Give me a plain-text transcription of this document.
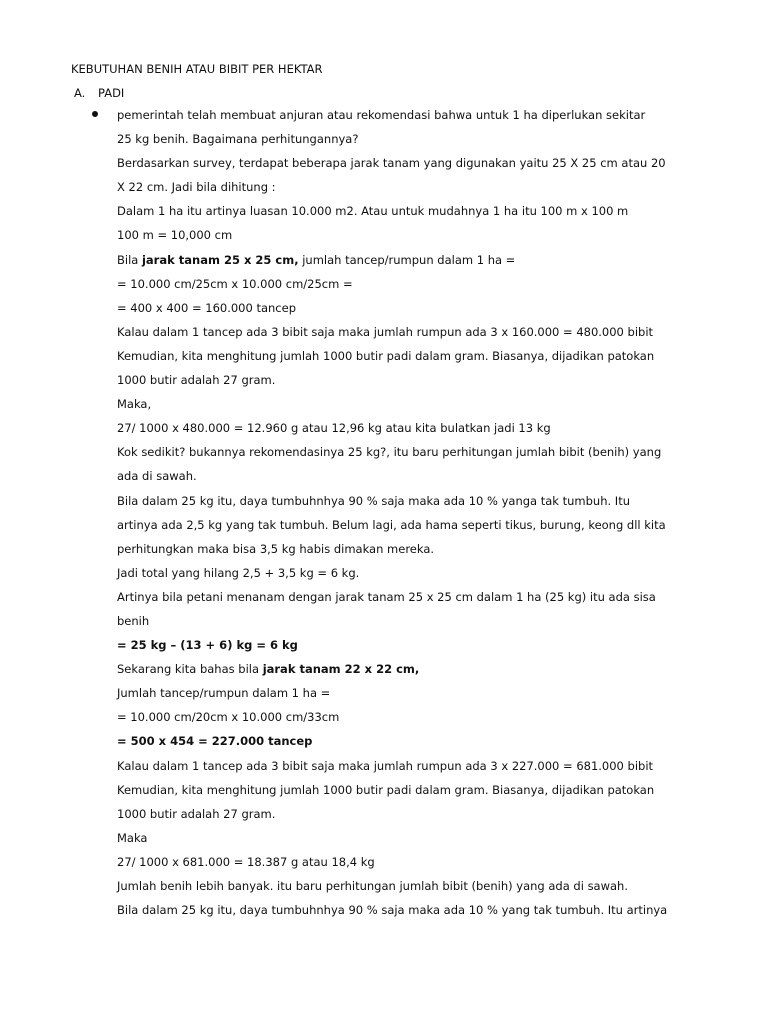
KEBUTUHAN BENIH ATAU BIBIT PER HEKTAR
A. PADI
pemerintah telah membuat anjuran atau rekomendasi bahwa untuk 1 ha diperlukan sekitar
25 kg benih. Bagaimana perhitungannya?
Berdasarkan survey, terdapat beberapa jarak tanam yang digunakan yaitu 25 X 25 cm atau 20
X 22 cm. Jadi bila dihitung :
Dalam 1 ha itu artinya luasan 10.000 m2. Atau untuk mudahnya 1 ha itu 100 m x 100 m
100 m = 10,000 cm
Bila jarak tanam 25 x 25 cm, jumlah tancep/rumpun dalam 1 ha =
= 10.000 cm/25cm x 10.000 cm/25cm =
= 400 x 400 = 160.000 tancep
Kalau dalam 1 tancep ada 3 bibit saja maka jumlah rumpun ada 3 x 160.000 = 480.000 bibit
Kemudian, kita menghitung jumlah 1000 butir padi dalam gram. Biasanya, dijadikan patokan
1000 butir adalah 27 gram.
Maka,
27/ 1000 x 480.000 = 12.960 g atau 12,96 kg atau kita bulatkan jadi 13 kg
Kok sedikit? bukannya rekomendasinya 25 kg?, itu baru perhitungan jumlah bibit (benih) yang
ada di sawah.
Bila dalam 25 kg itu, daya tumbuhnhya 90 % saja maka ada 10 % yanga tak tumbuh. Itu
artinya ada 2,5 kg yang tak tumbuh. Belum lagi, ada hama seperti tikus, burung, keong dll kita
perhitungkan maka bisa 3,5 kg habis dimakan mereka.
Jadi total yang hilang 2,5 + 3,5 kg = 6 kg.
Artinya bila petani menanam dengan jarak tanam 25 x 25 cm dalam 1 ha (25 kg) itu ada sisa
benih
= 25 kg – (13 + 6) kg = 6 kg
Sekarang kita bahas bila jarak tanam 22 x 22 cm,
Jumlah tancep/rumpun dalam 1 ha =
= 10.000 cm/20cm x 10.000 cm/33cm
= 500 x 454 = 227.000 tancep
Kalau dalam 1 tancep ada 3 bibit saja maka jumlah rumpun ada 3 x 227.000 = 681.000 bibit
Kemudian, kita menghitung jumlah 1000 butir padi dalam gram. Biasanya, dijadikan patokan
1000 butir adalah 27 gram.
Maka
27/ 1000 x 681.000 = 18.387 g atau 18,4 kg
Jumlah benih lebih banyak. itu baru perhitungan jumlah bibit (benih) yang ada di sawah.
Bila dalam 25 kg itu, daya tumbuhnhya 90 % saja maka ada 10 % yang tak tumbuh. Itu artinya
